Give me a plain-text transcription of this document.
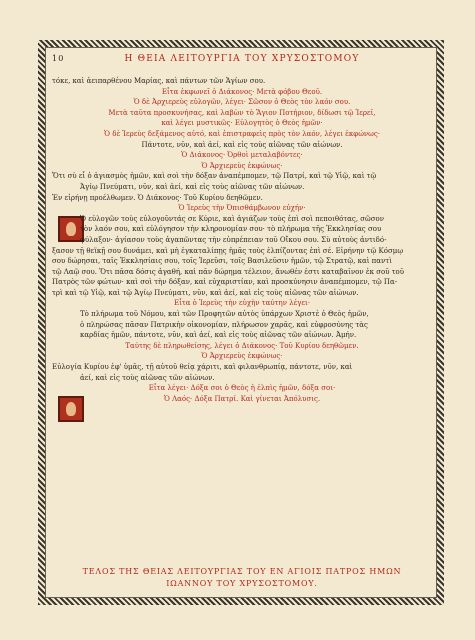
10	Η ΘΕΙΑ ΛΕΙΤΟΥΡΓΙΑ ΤΟΥ ΧΡΥΣΟΣΤΟΜΟΥ
τόκε, καὶ ἀειπαρθένου Μαρίας, καὶ πάντων τῶν Ἁγίων σου.
Εἶτα ἐκφωνεῖ ὁ Διάκονος· Μετὰ φόβου Θεοῦ.
Ὁ δὲ Ἀρχιερεὺς εὐλογῶν, λέγει· Σῶσον ὁ Θεὸς τὸν λαόν σου.
Μετὰ ταῦτα προσκυνήσας, καὶ λαβὼν τὸ Ἅγιον Ποτήριον, δίδωσι τῷ Ἱερεῖ,
καὶ λέγει μυστικῶς· Εὐλογητὸς ὁ Θεὸς ἡμῶν·
Ὁ δὲ Ἱερεὺς δεξάμενος αὐτό, καὶ ἐπιστραφεὶς πρὸς τὸν λαόν, λέγει ἐκφώνως·
Πάντοτε, νῦν, καὶ ἀεί, καὶ εἰς τοὺς αἰῶνας τῶν αἰώνων.
Ὁ Διάκονος· Ὀρθοὶ μεταλαβόντες·
Ὁ Ἀρχιερεὺς ἐκφώνως·
Ὅτι σὺ εἶ ὁ ἁγιασμὸς ἡμῶν, καὶ σοὶ τὴν δόξαν ἀναπέμπομεν, τῷ Πατρί, καὶ τῷ Υἱῷ, καὶ τῷ
Ἁγίῳ Πνεύματι, νῦν, καὶ ἀεί, καὶ εἰς τοὺς αἰῶνας τῶν αἰώνων.
Ἐν εἰρήνῃ προέλθωμεν. Ὁ Διάκονος· Τοῦ Κυρίου δεηθῶμεν.
Ὁ Ἱερεὺς τὴν Ὀπισθάμβωνον εὐχήν·
Ὁ εὐλογῶν τοὺς εὐλογοῦντάς σε Κύριε, καὶ ἁγιάζων τοὺς ἐπὶ σοὶ πεποιθότας, σῶσον
τὸν λαόν σου, καὶ εὐλόγησον τὴν κληρονομίαν σου· τὸ πλήρωμα τῆς Ἐκκλησίας σου
φύλαξον· ἁγίασον τοὺς ἀγαπῶντας τὴν εὐπρέπειαν τοῦ Οἴκου σου. Σὺ αὐτοὺς ἀντιδό-
ξασον τῇ θεϊκῇ σου δυνάμει, καὶ μὴ ἐγκαταλίπῃς ἡμᾶς τοὺς ἐλπίζοντας ἐπὶ σέ. Εἰρήνην τῷ Κόσμῳ
σου δώρησαι, ταῖς Ἐκκλησίαις σου, τοῖς Ἱερεῦσι, τοῖς Βασιλεῦσιν ἡμῶν, τῷ Στρατῷ, καὶ παντὶ
τῷ Λαῷ σου. Ὅτι πᾶσα δόσις ἀγαθή, καὶ πᾶν δώρημα τέλειον, ἄνωθέν ἐστι καταβαῖνον ἐκ σοῦ τοῦ
Πατρὸς τῶν φώτων· καὶ σοὶ τὴν δόξαν, καὶ εὐχαριστίαν, καὶ προσκύνησιν ἀναπέμπομεν, τῷ Πα-
τρὶ καὶ τῷ Υἱῷ, καὶ τῷ Ἁγίῳ Πνεύματι, νῦν, καὶ ἀεί, καὶ εἰς τοὺς αἰῶνας τῶν αἰώνων.
Εἶτα ὁ Ἱερεὺς τὴν εὐχὴν ταύτην λέγει·
Τὸ πλήρωμα τοῦ Νόμου, καὶ τῶν Προφητῶν αὐτὸς ὑπάρχων Χριστὲ ὁ Θεὸς ἡμῶν,
ὁ πληρώσας πᾶσαν Πατρικὴν οἰκονομίαν, πλήρωσον χαρᾶς, καὶ εὐφροσύνης τὰς
καρδίας ἡμῶν, πάντοτε, νῦν, καὶ ἀεί, καὶ εἰς τοὺς αἰῶνας τῶν αἰώνων. Ἀμήν.
Ταύτης δὲ πληρωθείσης, λέγει ὁ Διάκονος· Τοῦ Κυρίου δεηθῶμεν.
Ὁ Ἀρχιερεὺς ἐκφώνως·
Εὐλογία Κυρίου ἐφ' ὑμᾶς, τῇ αὐτοῦ θείᾳ χάριτι, καὶ φιλανθρωπίᾳ, πάντοτε, νῦν, καὶ
ἀεί, καὶ εἰς τοὺς αἰῶνας τῶν αἰώνων.
Εἶτα λέγει· Δόξα σοι ὁ Θεὸς ἡ ἐλπὶς ἡμῶν, δόξα σοι·
Ὁ Λαός· Δόξα Πατρί. Καὶ γίνεται Ἀπόλυσις.
ΤΕΛΟΣ ΤΗΣ ΘΕΙΑΣ ΛΕΙΤΟΥΡΓΙΑΣ ΤΟΥ ΕΝ ΑΓΙΟΙΣ ΠΑΤΡΟΣ ΗΜΩΝ
ΙΩΑΝΝΟΥ ΤΟΥ ΧΡΥΣΟΣΤΟΜΟΥ.
